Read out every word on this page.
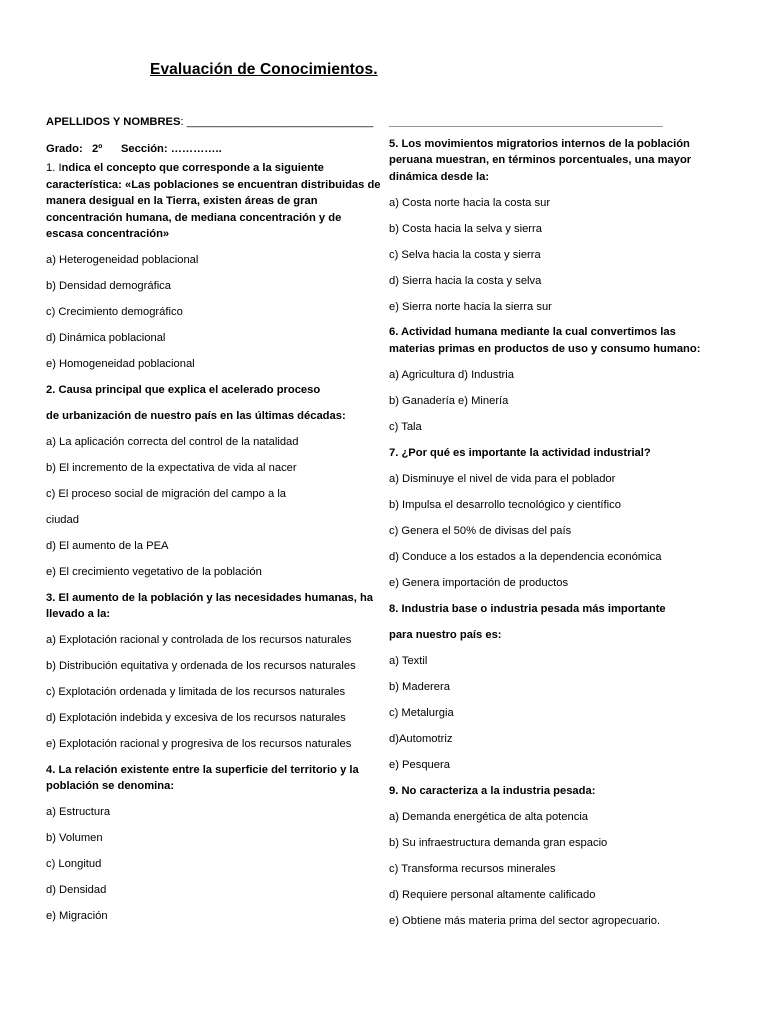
Evaluación de Conocimientos.
APELLIDOS Y NOMBRES: ______________________________
Grado: 2º Sección: …………..
1. Indica el concepto que corresponde a la siguiente característica: «Las poblaciones se encuentran distribuidas de manera desigual en la Tierra, existen áreas de gran concentración humana, de mediana concentración y de escasa concentración»
a) Heterogeneidad poblacional
b) Densidad demográfica
c) Crecimiento demográfico
d) Dinámica poblacional
e) Homogeneidad poblacional
2. Causa principal que explica el acelerado proceso
de urbanización de nuestro país en las últimas décadas:
a) La aplicación correcta del control de la natalidad
b) El incremento de la expectativa de vida al nacer
c) El proceso social de migración del campo a la
ciudad
d) El aumento de la PEA
e) El crecimiento vegetativo de la población
3. El aumento de la población y las necesidades humanas, ha llevado a la:
a) Explotación racional y controlada de los recursos naturales
b) Distribución equitativa y ordenada de los recursos naturales
c) Explotación ordenada y limitada de los recursos naturales
d) Explotación indebida y excesiva de los recursos naturales
e) Explotación racional y progresiva de los recursos naturales
4. La relación existente entre la superficie del territorio y la población se denomina:
a) Estructura
b) Volumen
c) Longitud
d) Densidad
e) Migración
____________________________________________
5. Los movimientos migratorios internos de la población peruana muestran, en términos porcentuales, una mayor dinámica desde la:
a) Costa norte hacia la costa sur
b) Costa hacia la selva y sierra
c) Selva hacia la costa y sierra
d) Sierra hacia la costa y selva
e) Sierra norte hacia la sierra sur
6. Actividad humana mediante la cual convertimos las materias primas en productos de uso y consumo humano:
a) Agricultura d) Industria
b) Ganadería e) Minería
c) Tala
7. ¿Por qué es importante la actividad industrial?
a) Disminuye el nivel de vida para el poblador
b) Impulsa el desarrollo tecnológico y científico
c) Genera el 50% de divisas del país
d) Conduce a los estados a la dependencia económica
e) Genera importación de productos
8. Industria base o industria pesada más importante
para nuestro país es:
a) Textil
b) Maderera
c) Metalurgia
d)Automotriz
e) Pesquera
9. No caracteriza a la industria pesada:
a) Demanda energética de alta potencia
b) Su infraestructura demanda gran espacio
c) Transforma recursos minerales
d) Requiere personal altamente calificado
e) Obtiene más materia prima del sector agropecuario.
